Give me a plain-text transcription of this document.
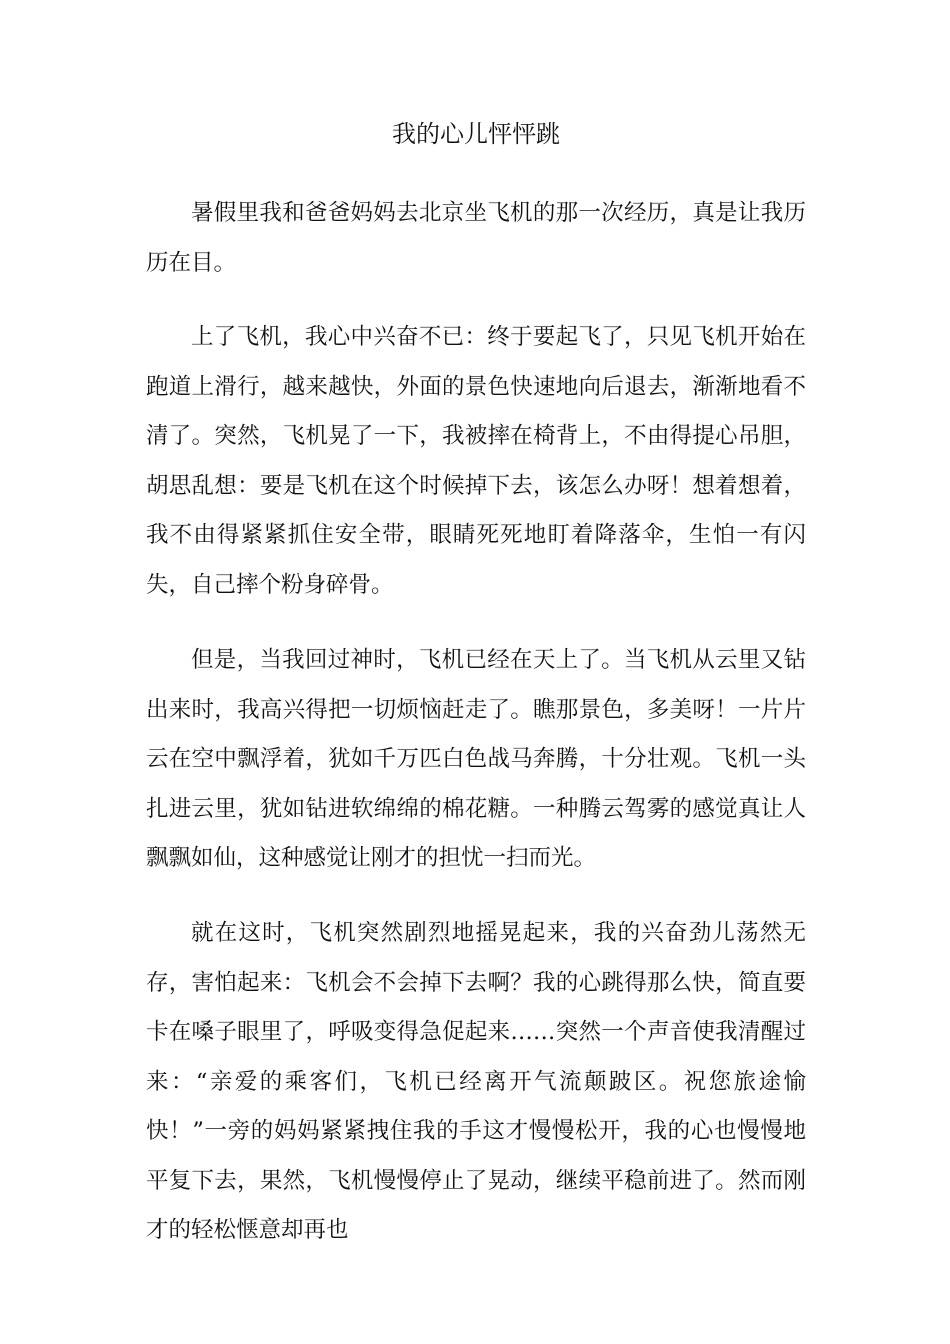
我的心儿怦怦跳

暑假里我和爸爸妈妈去北京坐飞机的那一次经历，真是让我历历在目。

上了飞机，我心中兴奋不已：终于要起飞了，只见飞机开始在跑道上滑行，越来越快，外面的景色快速地向后退去，渐渐地看不清了。突然，飞机晃了一下，我被摔在椅背上，不由得提心吊胆，胡思乱想：要是飞机在这个时候掉下去，该怎么办呀！想着想着，我不由得紧紧抓住安全带，眼睛死死地盯着降落伞，生怕一有闪失，自己摔个粉身碎骨。

但是，当我回过神时，飞机已经在天上了。当飞机从云里又钻出来时，我高兴得把一切烦恼赶走了。瞧那景色，多美呀！一片片云在空中飘浮着，犹如千万匹白色战马奔腾，十分壮观。飞机一头扎进云里，犹如钻进软绵绵的棉花糖。一种腾云驾雾的感觉真让人飘飘如仙，这种感觉让刚才的担忧一扫而光。

就在这时，飞机突然剧烈地摇晃起来，我的兴奋劲儿荡然无存，害怕起来：飞机会不会掉下去啊？我的心跳得那么快，简直要卡在嗓子眼里了，呼吸变得急促起来……突然一个声音使我清醒过来：“亲爱的乘客们，飞机已经离开气流颠跛区。祝您旅途愉快！”一旁的妈妈紧紧拽住我的手这才慢慢松开，我的心也慢慢地平复下去，果然，飞机慢慢停止了晃动，继续平稳前进了。然而刚才的轻松惬意却再也
